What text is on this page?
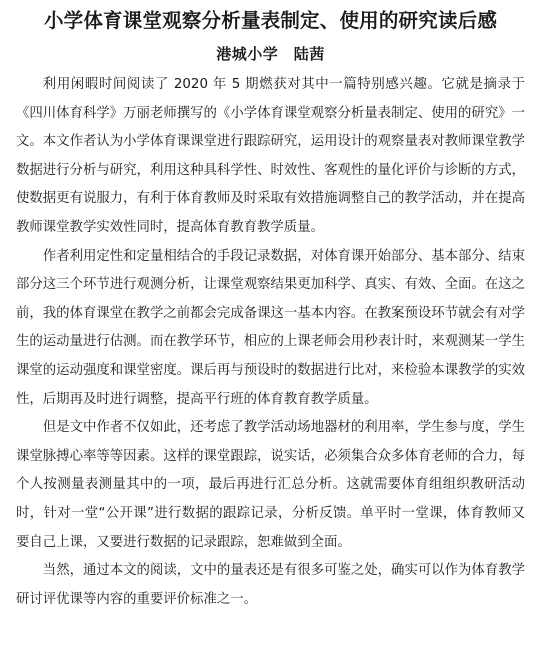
小学体育课堂观察分析量表制定、使用的研究读后感
港城小学　陆茜

利用闲暇时间阅读了 2020 年 5 期燃获对其中一篇特别感兴趣。它就是摘录于《四川体育科学》万丽老师撰写的《小学体育课堂观察分析量表制定、使用的研究》一文。本文作者认为小学体育课课堂进行跟踪研究，运用设计的观察量表对教师课堂教学数据进行分析与研究，利用这种具科学性、时效性、客观性的量化评价与诊断的方式，使数据更有说服力，有利于体育教师及时采取有效措施调整自己的教学活动，并在提高教师课堂教学实效性同时，提高体育教育教学质量。

作者利用定性和定量相结合的手段记录数据，对体育课开始部分、基本部分、结束部分这三个环节进行观测分析，让课堂观察结果更加科学、真实、有效、全面。在这之前，我的体育课堂在教学之前都会完成备课这一基本内容。在教案预设环节就会有对学生的运动量进行估测。而在教学环节，相应的上课老师会用秒表计时，来观测某一学生课堂的运动强度和课堂密度。课后再与预设时的数据进行比对，来检验本课教学的实效性，后期再及时进行调整，提高平行班的体育教育教学质量。

但是文中作者不仅如此，还考虑了教学活动场地器材的利用率，学生参与度，学生课堂脉搏心率等等因素。这样的课堂跟踪，说实话，必须集合众多体育老师的合力，每个人按测量表测量其中的一项，最后再进行汇总分析。这就需要体育组组织教研活动时，针对一堂“公开课”进行数据的跟踪记录，分析反馈。单平时一堂课，体育教师又要自己上课，又要进行数据的记录跟踪，恕难做到全面。

当然，通过本文的阅读，文中的量表还是有很多可鉴之处，确实可以作为体育教学研讨评优课等内容的重要评价标准之一。
